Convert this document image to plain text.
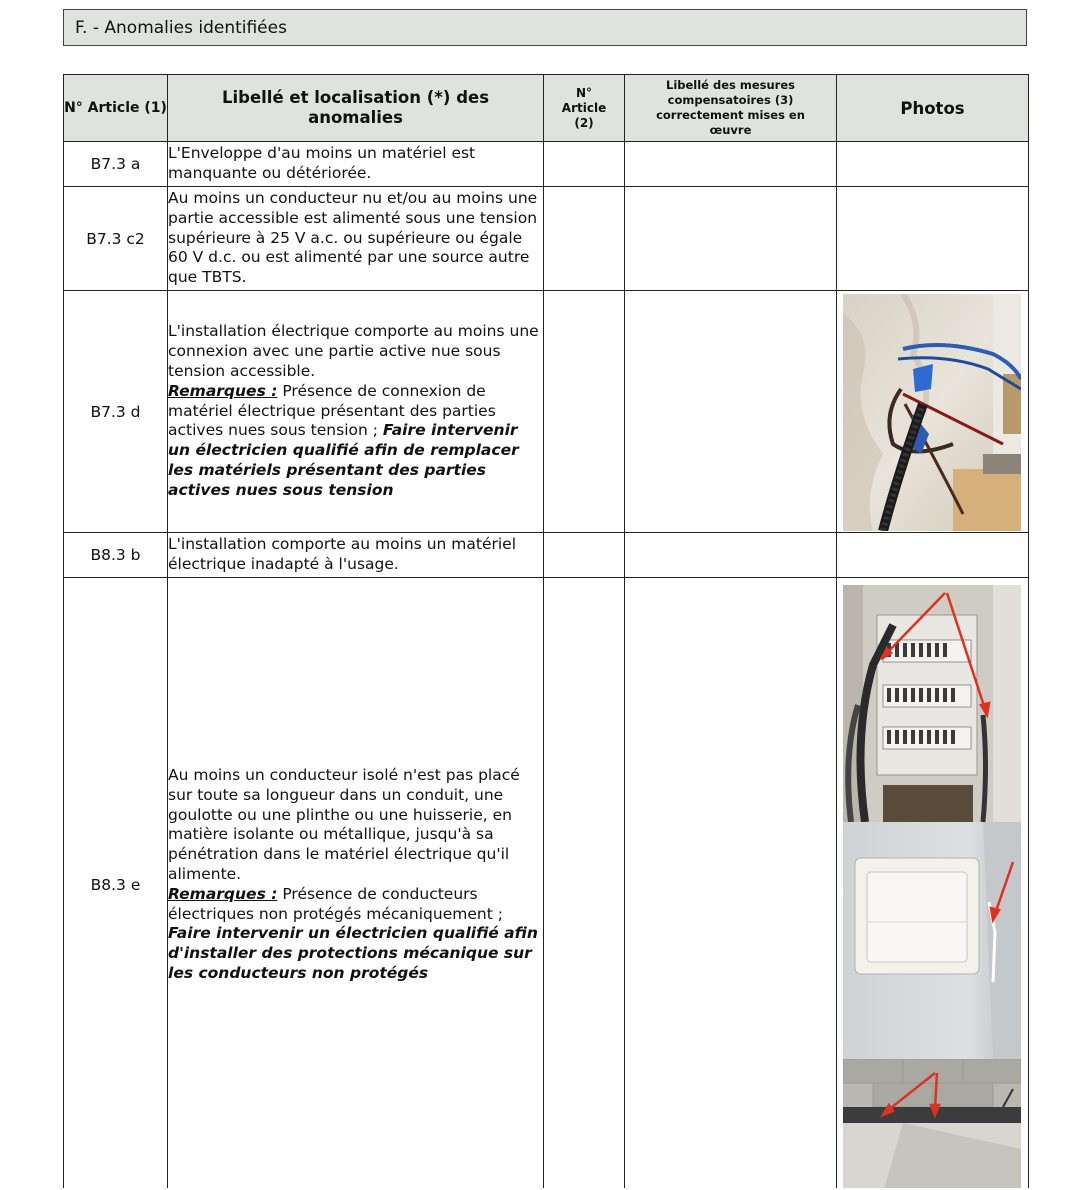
F. - Anomalies identifiées
N° Article (1)	Libellé et localisation (*) des anomalies	N° Article (2)	Libellé des mesures compensatoires (3) correctement mises en œuvre	Photos
B7.3 a	L'Enveloppe d'au moins un matériel est manquante ou détériorée.			
B7.3 c2	Au moins un conducteur nu et/ou au moins une partie accessible est alimenté sous une tension supérieure à 25 V a.c. ou supérieure ou égale 60 V d.c. ou est alimenté par une source autre que TBTS.			
B7.3 d	L'installation électrique comporte au moins une connexion avec une partie active nue sous tension accessible.
Remarques : Présence de connexion de matériel électrique présentant des parties actives nues sous tension ; Faire intervenir un électricien qualifié afin de remplacer les matériels présentant des parties actives nues sous tension			

B8.3 b	L'installation comporte au moins un matériel électrique inadapté à l'usage.			
B8.3 e	Au moins un conducteur isolé n'est pas placé sur toute sa longueur dans un conduit, une goulotte ou une plinthe ou une huisserie, en matière isolante ou métallique, jusqu'à sa pénétration dans le matériel électrique qu'il alimente.
Remarques : Présence de conducteurs électriques non protégés mécaniquement ; Faire intervenir un électricien qualifié afin d'installer des protections mécanique sur les conducteurs non protégés			
